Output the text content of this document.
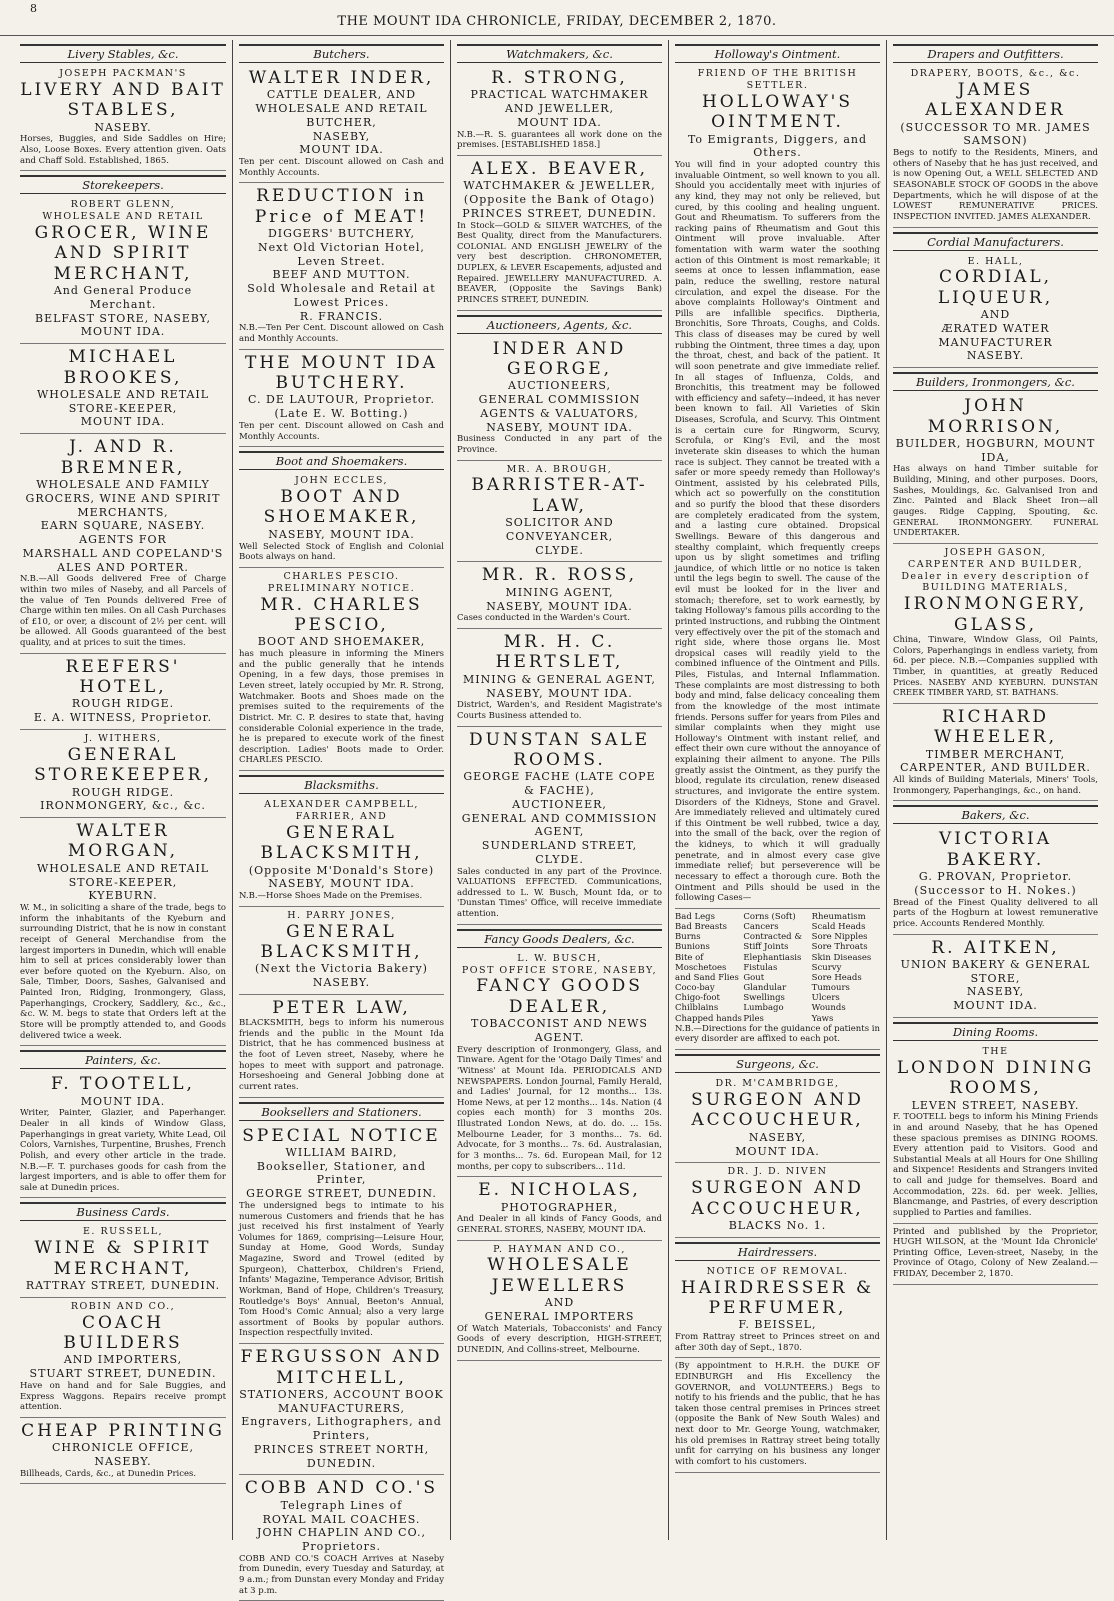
8
THE MOUNT IDA CHRONICLE, FRIDAY, DECEMBER 2, 1870.
Livery Stables, &c.
JOSEPH PACKMAN'S
LIVERY AND BAIT STABLES,
NASEBY.
Horses, Buggies, and Side Saddles on Hire; Also, Loose Boxes. Every attention given. Oats and Chaff Sold. Established, 1865.
Storekeepers.
ROBERT GLENN,
WHOLESALE AND RETAIL
GROCER, WINE AND SPIRIT MERCHANT,
And General Produce Merchant.
BELFAST STORE, NASEBY, MOUNT IDA.
MICHAEL BROOKES,
WHOLESALE AND RETAIL STORE-KEEPER,
MOUNT IDA.
J. AND R. BREMNER,
WHOLESALE AND FAMILY GROCERS, WINE AND SPIRIT MERCHANTS,
EARN SQUARE, NASEBY.
AGENTS FOR
MARSHALL AND COPELAND'S ALES AND PORTER.
N.B.—All Goods delivered Free of Charge within two miles of Naseby, and all Parcels of the value of Ten Pounds delivered Free of Charge within ten miles. On all Cash Purchases of £10, or over, a discount of 2½ per cent. will be allowed. All Goods guaranteed of the best quality, and at prices to suit the times.
REEFERS' HOTEL,
ROUGH RIDGE.
E. A. WITNESS, Proprietor.
J. WITHERS,
GENERAL STOREKEEPER,
ROUGH RIDGE.
IRONMONGERY, &c., &c.
WALTER MORGAN,
WHOLESALE AND RETAIL STORE-KEEPER,
KYEBURN.
W. M., in soliciting a share of the trade, begs to inform the inhabitants of the Kyeburn and surrounding District, that he is now in constant receipt of General Merchandise from the largest importers in Dunedin, which will enable him to sell at prices considerably lower than ever before quoted on the Kyeburn. Also, on Sale, Timber, Doors, Sashes, Galvanised and Painted Iron, Ridging, Ironmongery, Glass, Paperhangings, Crockery, Saddlery, &c., &c., &c. W. M. begs to state that Orders left at the Store will be promptly attended to, and Goods delivered twice a week.
Painters, &c.
F. TOOTELL,
MOUNT IDA.
Writer, Painter, Glazier, and Paperhanger. Dealer in all kinds of Window Glass, Paperhangings in great variety, White Lead, Oil Colors, Varnishes, Turpentine, Brushes, French Polish, and every other article in the trade. N.B.—F. T. purchases goods for cash from the largest importers, and is able to offer them for sale at Dunedin prices.
Business Cards.
E. RUSSELL,
WINE & SPIRIT MERCHANT,
RATTRAY STREET, DUNEDIN.
ROBIN AND CO.,
COACH BUILDERS
AND IMPORTERS,
STUART STREET, DUNEDIN.
Have on hand and for Sale Buggies, and Express Waggons. Repairs receive prompt attention.
CHEAP PRINTING
CHRONICLE OFFICE,
NASEBY.
Billheads, Cards, &c., at Dunedin Prices.
Butchers.
WALTER INDER,
CATTLE DEALER, AND WHOLESALE AND RETAIL BUTCHER,
NASEBY,
MOUNT IDA.
Ten per cent. Discount allowed on Cash and Monthly Accounts.
REDUCTION in Price of MEAT!
DIGGERS' BUTCHERY,
Next Old Victorian Hotel, Leven Street.
BEEF AND MUTTON.
Sold Wholesale and Retail at Lowest Prices.
R. FRANCIS.
N.B.—Ten Per Cent. Discount allowed on Cash and Monthly Accounts.
THE MOUNT IDA BUTCHERY.
C. DE LAUTOUR, Proprietor.
(Late E. W. Botting.)
Ten per cent. Discount allowed on Cash and Monthly Accounts.
Boot and Shoemakers.
JOHN ECCLES,
BOOT AND SHOEMAKER,
NASEBY, MOUNT IDA.
Well Selected Stock of English and Colonial Boots always on hand.
CHARLES PESCIO.
PRELIMINARY NOTICE.
MR. CHARLES PESCIO,
BOOT AND SHOEMAKER,
has much pleasure in informing the Miners and the public generally that he intends Opening, in a few days, those premises in Leven street, lately occupied by Mr. R. Strong, Watchmaker. Boots and Shoes made on the premises suited to the requirements of the District. Mr. C. P. desires to state that, having considerable Colonial experience in the trade, he is prepared to execute work of the finest description. Ladies' Boots made to Order. CHARLES PESCIO.
Blacksmiths.
ALEXANDER CAMPBELL,
FARRIER, AND
GENERAL BLACKSMITH,
(Opposite M'Donald's Store)
NASEBY, MOUNT IDA.
N.B.—Horse Shoes Made on the Premises.
H. PARRY JONES,
GENERAL BLACKSMITH,
(Next the Victoria Bakery)
NASEBY.
PETER LAW,
BLACKSMITH, begs to inform his numerous friends and the public in the Mount Ida District, that he has commenced business at the foot of Leven street, Naseby, where he hopes to meet with support and patronage. Horseshoeing and General Jobbing done at current rates.
Booksellers and Stationers.
SPECIAL NOTICE
WILLIAM BAIRD,
Bookseller, Stationer, and Printer,
GEORGE STREET, DUNEDIN.
The undersigned begs to intimate to his numerous Customers and friends that he has just received his first instalment of Yearly Volumes for 1869, comprising—Leisure Hour, Sunday at Home, Good Words, Sunday Magazine, Sword and Trowel (edited by Spurgeon), Chatterbox, Children's Friend, Infants' Magazine, Temperance Advisor, British Workman, Band of Hope, Children's Treasury, Routledge's Boys' Annual, Beeton's Annual, Tom Hood's Comic Annual; also a very large assortment of Books by popular authors. Inspection respectfully invited.
FERGUSSON AND MITCHELL,
STATIONERS, ACCOUNT BOOK MANUFACTURERS,
Engravers, Lithographers, and Printers,
PRINCES STREET NORTH,
DUNEDIN.
COBB AND CO.'S
Telegraph Lines of
ROYAL MAIL COACHES.
JOHN CHAPLIN AND CO., Proprietors.
COBB AND CO.'S COACH Arrives at Naseby from Dunedin, every Tuesday and Saturday, at 9 a.m.; from Dunstan every Monday and Friday at 3 p.m.
Watchmakers, &c.
R. STRONG,
PRACTICAL WATCHMAKER AND JEWELLER,
MOUNT IDA.
N.B.—R. S. guarantees all work done on the premises. [ESTABLISHED 1858.]
ALEX. BEAVER,
WATCHMAKER & JEWELLER,
(Opposite the Bank of Otago)
PRINCES STREET, DUNEDIN.
In Stock—GOLD & SILVER WATCHES, of the Best Quality, direct from the Manufacturers. COLONIAL AND ENGLISH JEWELRY of the very best description. CHRONOMETER, DUPLEX, & LEVER Escapements, adjusted and Repaired. JEWELLERY MANUFACTURED. A. BEAVER, (Opposite the Savings Bank) PRINCES STREET, DUNEDIN.
Auctioneers, Agents, &c.
INDER AND GEORGE,
AUCTIONEERS,
GENERAL COMMISSION AGENTS & VALUATORS,
NASEBY, MOUNT IDA.
Business Conducted in any part of the Province.
MR. A. BROUGH,
BARRISTER-AT-LAW,
SOLICITOR AND CONVEYANCER,
CLYDE.
MR. R. ROSS,
MINING AGENT,
NASEBY, MOUNT IDA.
Cases conducted in the Warden's Court.
MR. H. C. HERTSLET,
MINING & GENERAL AGENT,
NASEBY, MOUNT IDA.
District, Warden's, and Resident Magistrate's Courts Business attended to.
DUNSTAN SALE ROOMS.
GEORGE FACHE (LATE COPE & FACHE),
AUCTIONEER,
GENERAL AND COMMISSION AGENT,
SUNDERLAND STREET,
CLYDE.
Sales conducted in any part of the Province. VALUATIONS EFFECTED. Communications, addressed to L. W. Busch, Mount Ida, or to 'Dunstan Times' Office, will receive immediate attention.
Fancy Goods Dealers, &c.
L. W. BUSCH,
POST OFFICE STORE, NASEBY,
FANCY GOODS DEALER,
TOBACCONIST AND NEWS AGENT.
Every description of Ironmongery, Glass, and Tinware. Agent for the 'Otago Daily Times' and 'Witness' at Mount Ida. PERIODICALS AND NEWSPAPERS. London Journal, Family Herald, and Ladies' Journal, for 12 months... 13s. Home News, at per 12 months... 14s. Nation (4 copies each month) for 3 months 20s. Illustrated London News, at do. do. ... 15s. Melbourne Leader, for 3 months... 7s. 6d. Advocate, for 3 months... 7s. 6d. Australasian, for 3 months... 7s. 6d. European Mail, for 12 months, per copy to subscribers... 11d.
E. NICHOLAS,
PHOTOGRAPHER,
And Dealer in all kinds of Fancy Goods, and GENERAL STORES, NASEBY, MOUNT IDA.
P. HAYMAN AND CO.,
WHOLESALE JEWELLERS
AND
GENERAL IMPORTERS
Of Watch Materials, Tobacconists' and Fancy Goods of every description, HIGH-STREET, DUNEDIN, And Collins-street, Melbourne.
Holloway's Ointment.
FRIEND OF THE BRITISH SETTLER.
HOLLOWAY'S OINTMENT.
To Emigrants, Diggers, and Others.
You will find in your adopted country this invaluable Ointment, so well known to you all. Should you accidentally meet with injuries of any kind, they may not only be relieved, but cured, by this cooling and healing unguent. Gout and Rheumatism. To sufferers from the racking pains of Rheumatism and Gout this Ointment will prove invaluable. After fomentation with warm water the soothing action of this Ointment is most remarkable; it seems at once to lessen inflammation, ease pain, reduce the swelling, restore natural circulation, and expel the disease. For the above complaints Holloway's Ointment and Pills are infallible specifics. Diptheria, Bronchitis, Sore Throats, Coughs, and Colds. This class of diseases may be cured by well rubbing the Ointment, three times a day, upon the throat, chest, and back of the patient. It will soon penetrate and give immediate relief. In all stages of Influenza, Colds, and Bronchitis, this treatment may be followed with efficiency and safety—indeed, it has never been known to fail. All Varieties of Skin Diseases, Scrofula, and Scurvy. This Ointment is a certain cure for Ringworm, Scurvy, Scrofula, or King's Evil, and the most inveterate skin diseases to which the human race is subject. They cannot be treated with a safer or more speedy remedy than Holloway's Ointment, assisted by his celebrated Pills, which act so powerfully on the constitution and so purify the blood that these disorders are completely eradicated from the system, and a lasting cure obtained. Dropsical Swellings. Beware of this dangerous and stealthy complaint, which frequently creeps upon us by slight sometimes and trifling jaundice, of which little or no notice is taken until the legs begin to swell. The cause of the evil must be looked for in the liver and stomach; therefore, set to work earnestly, by taking Holloway's famous pills according to the printed instructions, and rubbing the Ointment very effectively over the pit of the stomach and right side, where those organs lie. Most dropsical cases will readily yield to the combined influence of the Ointment and Pills. Piles, Fistulas, and Internal Inflammation. These complaints are most distressing to both body and mind, false delicacy concealing them from the knowledge of the most intimate friends. Persons suffer for years from Piles and similar complaints when they might use Holloway's Ointment with instant relief, and effect their own cure without the annoyance of explaining their ailment to anyone. The Pills greatly assist the Ointment, as they purify the blood, regulate its circulation, renew diseased structures, and invigorate the entire system. Disorders of the Kidneys, Stone and Gravel. Are immediately relieved and ultimately cured if this Ointment be well rubbed, twice a day, into the small of the back, over the region of the kidneys, to which it will gradually penetrate, and in almost every case give immediate relief; but perseverence will be necessary to effect a thorough cure. Both the Ointment and Pills should be used in the following Cases—
Bad Legs
Bad Breasts
Burns
Bunions
Bite of Moschetoes and Sand Flies
Coco-bay
Chigo-foot
Chilblains
Chapped hands
Corns (Soft)
Cancers
Contracted & Stiff Joints
Elephantiasis
Fistulas
Gout
Glandular Swellings
Lumbago
Piles
Rheumatism
Scald Heads
Sore Nipples
Sore Throats
Skin Diseases
Scurvy
Sore Heads
Tumours
Ulcers
Wounds
Yaws
N.B.—Directions for the guidance of patients in every disorder are affixed to each pot.
Surgeons, &c.
DR. M'CAMBRIDGE,
SURGEON AND ACCOUCHEUR,
NASEBY,
MOUNT IDA.
DR. J. D. NIVEN
SURGEON AND ACCOUCHEUR,
BLACKS No. 1.
Hairdressers.
NOTICE OF REMOVAL.
HAIRDRESSER & PERFUMER,
F. BEISSEL,
From Rattray street to Princes street on and after 30th day of Sept., 1870.
(By appointment to H.R.H. the DUKE OF EDINBURGH and His Excellency the GOVERNOR, and VOLUNTEERS.) Begs to notify to his friends and the public, that he has taken those central premises in Princes street (opposite the Bank of New South Wales) and next door to Mr. George Young, watchmaker, his old premises in Rattray street being totally unfit for carrying on his business any longer with comfort to his customers.
Drapers and Outfitters.
DRAPERY, BOOTS, &c., &c.
JAMES ALEXANDER
(SUCCESSOR TO MR. JAMES SAMSON)
Begs to notify to the Residents, Miners, and others of Naseby that he has just received, and is now Opening Out, a WELL SELECTED AND SEASONABLE STOCK OF GOODS in the above Departments, which he will dispose of at the LOWEST REMUNERATIVE PRICES. INSPECTION INVITED. JAMES ALEXANDER.
Cordial Manufacturers.
E. HALL,
CORDIAL, LIQUEUR,
AND
ÆRATED WATER MANUFACTURER
NASEBY.
Builders, Ironmongers, &c.
JOHN MORRISON,
BUILDER, HOGBURN, MOUNT IDA,
Has always on hand Timber suitable for Building, Mining, and other purposes. Doors, Sashes, Mouldings, &c. Galvanised Iron and Zinc. Painted and Black Sheet Iron—all gauges. Ridge Capping, Spouting, &c. GENERAL IRONMONGERY. FUNERAL UNDERTAKER.
JOSEPH GASON,
CARPENTER AND BUILDER,
Dealer in every description of
BUILDING MATERIALS,
IRONMONGERY, GLASS,
China, Tinware, Window Glass, Oil Paints, Colors, Paperhangings in endless variety, from 6d. per piece. N.B.—Companies supplied with Timber, in quantities, at greatly Reduced Prices. NASEBY AND KYEBURN. DUNSTAN CREEK TIMBER YARD, ST. BATHANS.
RICHARD WHEELER,
TIMBER MERCHANT, CARPENTER, AND BUILDER.
All kinds of Building Materials, Miners' Tools, Ironmongery, Paperhangings, &c., on hand.
Bakers, &c.
VICTORIA BAKERY.
G. PROVAN, Proprietor.
(Successor to H. Nokes.)
Bread of the Finest Quality delivered to all parts of the Hogburn at lowest remunerative price. Accounts Rendered Monthly.
R. AITKEN,
UNION BAKERY & GENERAL STORE,
NASEBY,
MOUNT IDA.
Dining Rooms.
THE
LONDON DINING ROOMS,
LEVEN STREET, NASEBY.
F. TOOTELL begs to inform his Mining Friends in and around Naseby, that he has Opened these spacious premises as DINING ROOMS. Every attention paid to Visitors. Good and Substantial Meals at all Hours for One Shilling and Sixpence! Residents and Strangers invited to call and judge for themselves. Board and Accommodation, 22s. 6d. per week. Jellies, Blancmange, and Pastries, of every description supplied to Parties and families.
Printed and published by the Proprietor, HUGH WILSON, at the 'Mount Ida Chronicle' Printing Office, Leven-street, Naseby, in the Province of Otago, Colony of New Zealand.—FRIDAY, December 2, 1870.
